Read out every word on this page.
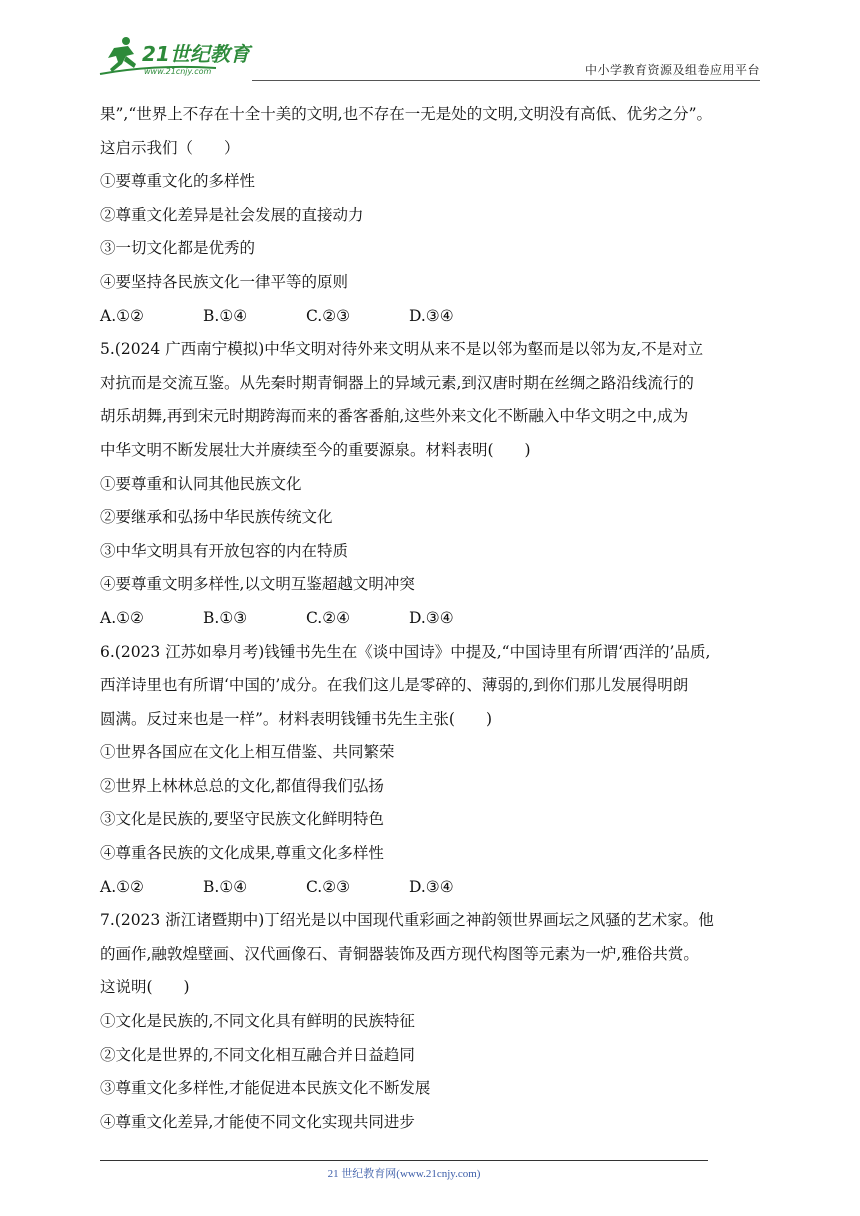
21世纪教育
www.21cnjy.com	中小学教育资源及组卷应用平台
果”,“世界上不存在十全十美的文明,也不存在一无是处的文明,文明没有高低、优劣之分”。
这启示我们（　　）
①要尊重文化的多样性
②尊重文化差异是社会发展的直接动力
③一切文化都是优秀的
④要坚持各民族文化一律平等的原则
A.①②	B.①④	C.②③	D.③④
5.(2024 广西南宁模拟)中华文明对待外来文明从来不是以邻为壑而是以邻为友,不是对立
对抗而是交流互鉴。从先秦时期青铜器上的异域元素,到汉唐时期在丝绸之路沿线流行的
胡乐胡舞,再到宋元时期跨海而来的番客番舶,这些外来文化不断融入中华文明之中,成为
中华文明不断发展壮大并赓续至今的重要源泉。材料表明(　　)
①要尊重和认同其他民族文化
②要继承和弘扬中华民族传统文化
③中华文明具有开放包容的内在特质
④要尊重文明多样性,以文明互鉴超越文明冲突
A.①②	B.①③	C.②④	D.③④
6.(2023 江苏如皋月考)钱锺书先生在《谈中国诗》中提及,“中国诗里有所谓‘西洋的’品质,
西洋诗里也有所谓‘中国的’成分。在我们这儿是零碎的、薄弱的,到你们那儿发展得明朗
圆满。反过来也是一样”。材料表明钱锺书先生主张(　　)
①世界各国应在文化上相互借鉴、共同繁荣
②世界上林林总总的文化,都值得我们弘扬
③文化是民族的,要坚守民族文化鲜明特色
④尊重各民族的文化成果,尊重文化多样性
A.①②	B.①④	C.②③	D.③④
7.(2023 浙江诸暨期中)丁绍光是以中国现代重彩画之神韵领世界画坛之风骚的艺术家。他
的画作,融敦煌壁画、汉代画像石、青铜器装饰及西方现代构图等元素为一炉,雅俗共赏。
这说明(　　)
①文化是民族的,不同文化具有鲜明的民族特征
②文化是世界的,不同文化相互融合并日益趋同
③尊重文化多样性,才能促进本民族文化不断发展
④尊重文化差异,才能使不同文化实现共同进步
21 世纪教育网(www.21cnjy.com)
